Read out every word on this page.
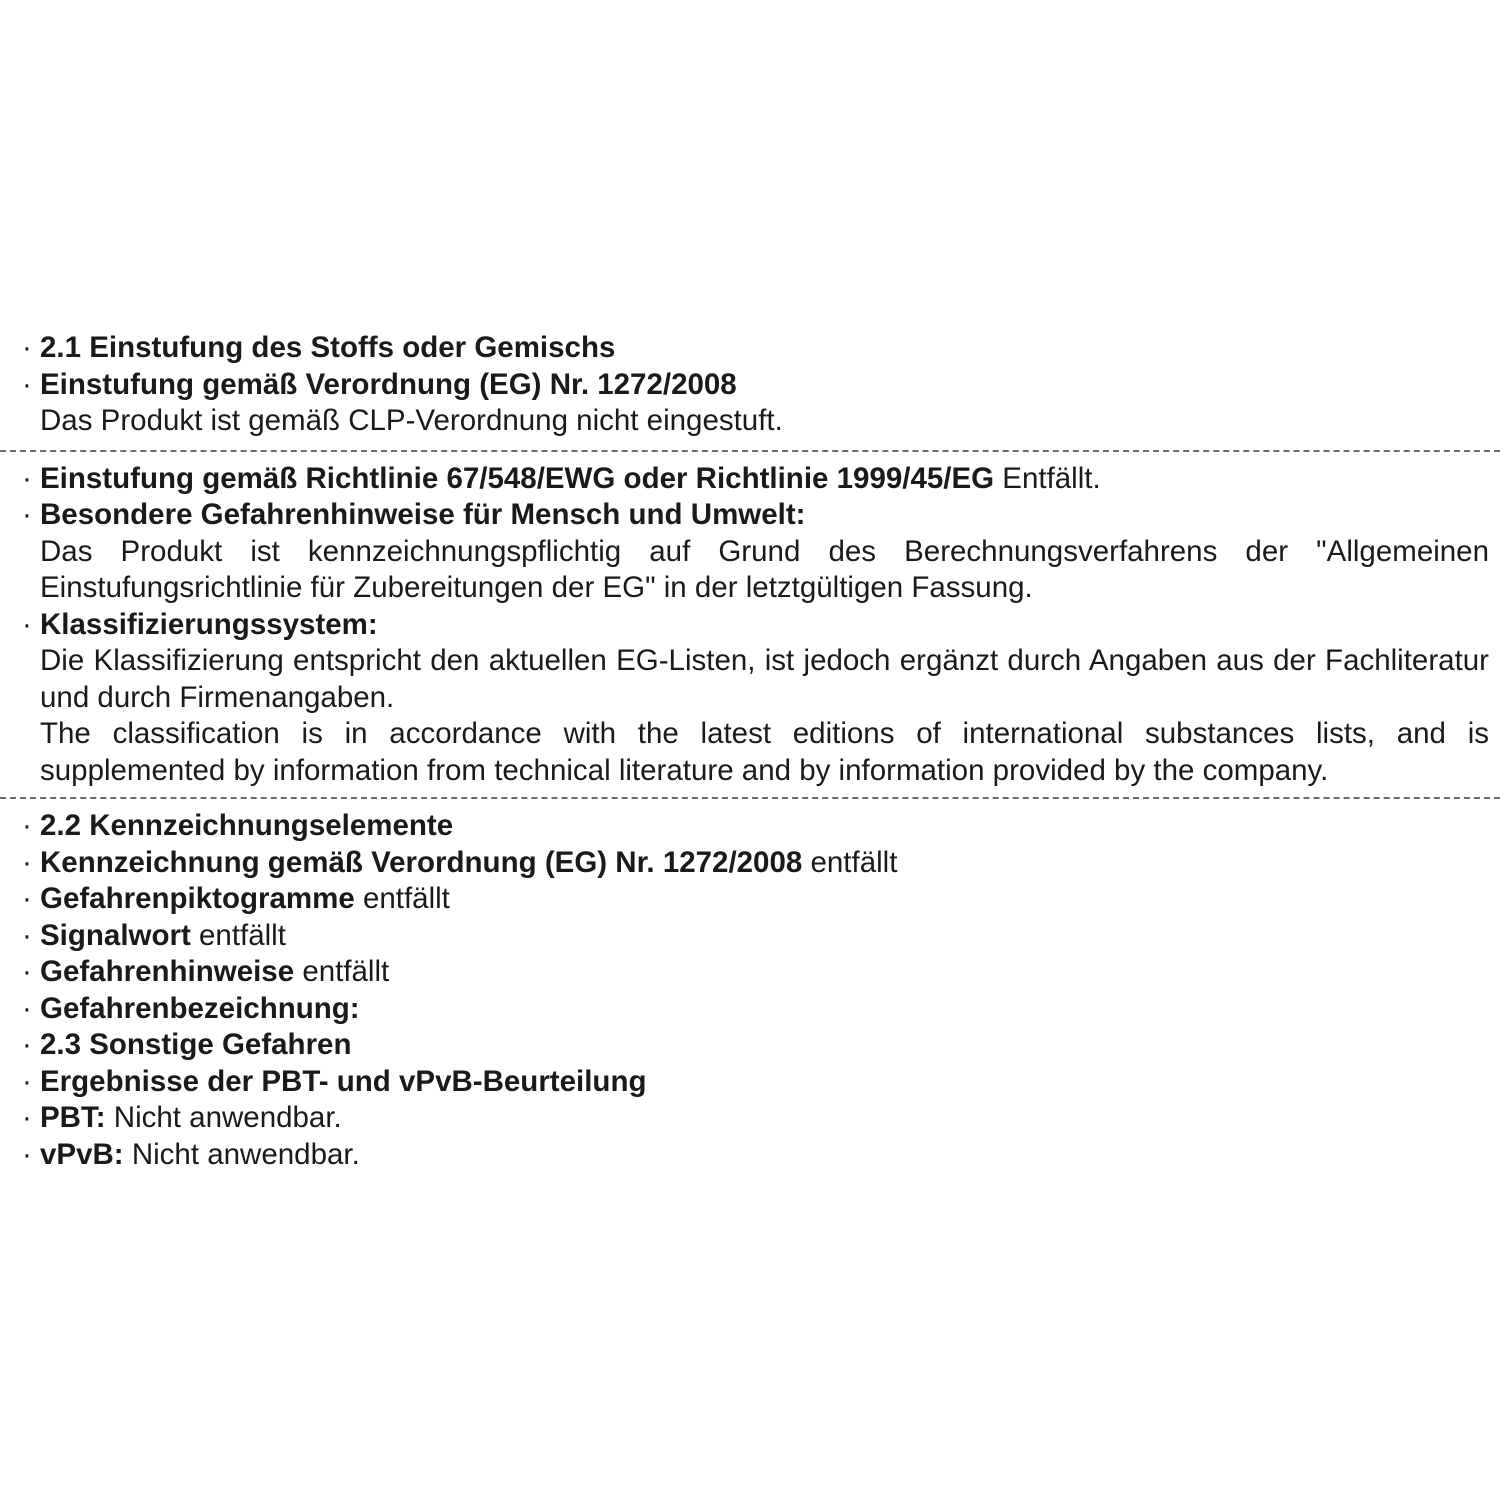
· 2.1 Einstufung des Stoffs oder Gemischs
· Einstufung gemäß Verordnung (EG) Nr. 1272/2008
Das Produkt ist gemäß CLP-Verordnung nicht eingestuft.
· Einstufung gemäß Richtlinie 67/548/EWG oder Richtlinie 1999/45/EG Entfällt.
· Besondere Gefahrenhinweise für Mensch und Umwelt:
Das Produkt ist kennzeichnungspflichtig auf Grund des Berechnungsverfahrens der "Allgemeinen Einstufungsrichtlinie für Zubereitungen der EG" in der letztgültigen Fassung.
· Klassifizierungssystem:
Die Klassifizierung entspricht den aktuellen EG-Listen, ist jedoch ergänzt durch Angaben aus der Fachliteratur und durch Firmenangaben.
The classification is in accordance with the latest editions of international substances lists, and is supplemented by information from technical literature and by information provided by the company.
· 2.2 Kennzeichnungselemente
· Kennzeichnung gemäß Verordnung (EG) Nr. 1272/2008 entfällt
· Gefahrenpiktogramme entfällt
· Signalwort entfällt
· Gefahrenhinweise entfällt
· Gefahrenbezeichnung:
· 2.3 Sonstige Gefahren
· Ergebnisse der PBT- und vPvB-Beurteilung
· PBT: Nicht anwendbar.
· vPvB: Nicht anwendbar.
